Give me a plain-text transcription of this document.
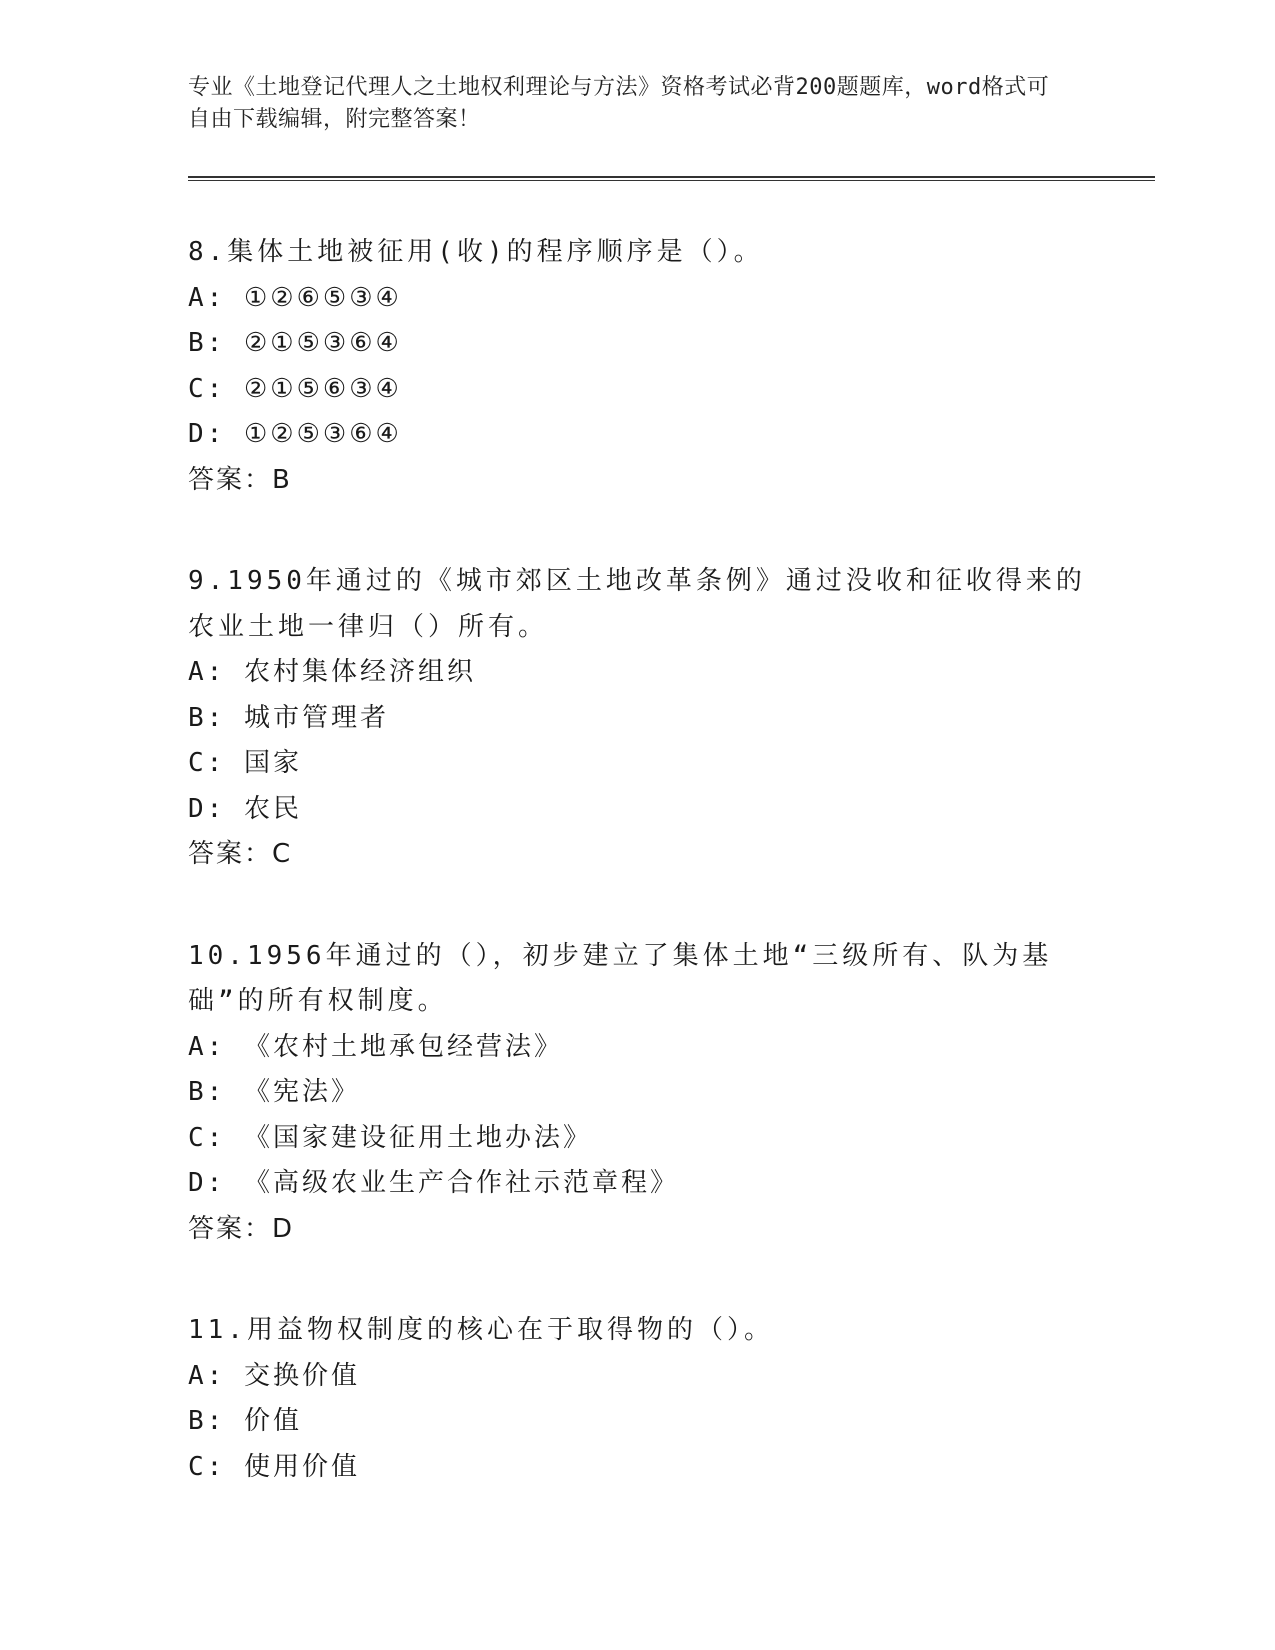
专业《土地登记代理人之土地权利理论与方法》资格考试必背200题题库，word格式可自由下载编辑，附完整答案！

8.集体土地被征用(收)的程序顺序是（）。

A: ①②⑥⑤③④

B: ②①⑤③⑥④

C: ②①⑤⑥③④

D: ①②⑤③⑥④

答案：B

9.1950年通过的《城市郊区土地改革条例》通过没收和征收得来的农业土地一律归（）所有。

A: 农村集体经济组织

B: 城市管理者

C: 国家

D: 农民

答案：C

10.1956年通过的（），初步建立了集体土地“三级所有、队为基础”的所有权制度。

A: 《农村土地承包经营法》

B: 《宪法》

C: 《国家建设征用土地办法》

D: 《高级农业生产合作社示范章程》

答案：D

11.用益物权制度的核心在于取得物的（）。

A: 交换价值

B: 价值

C: 使用价值
